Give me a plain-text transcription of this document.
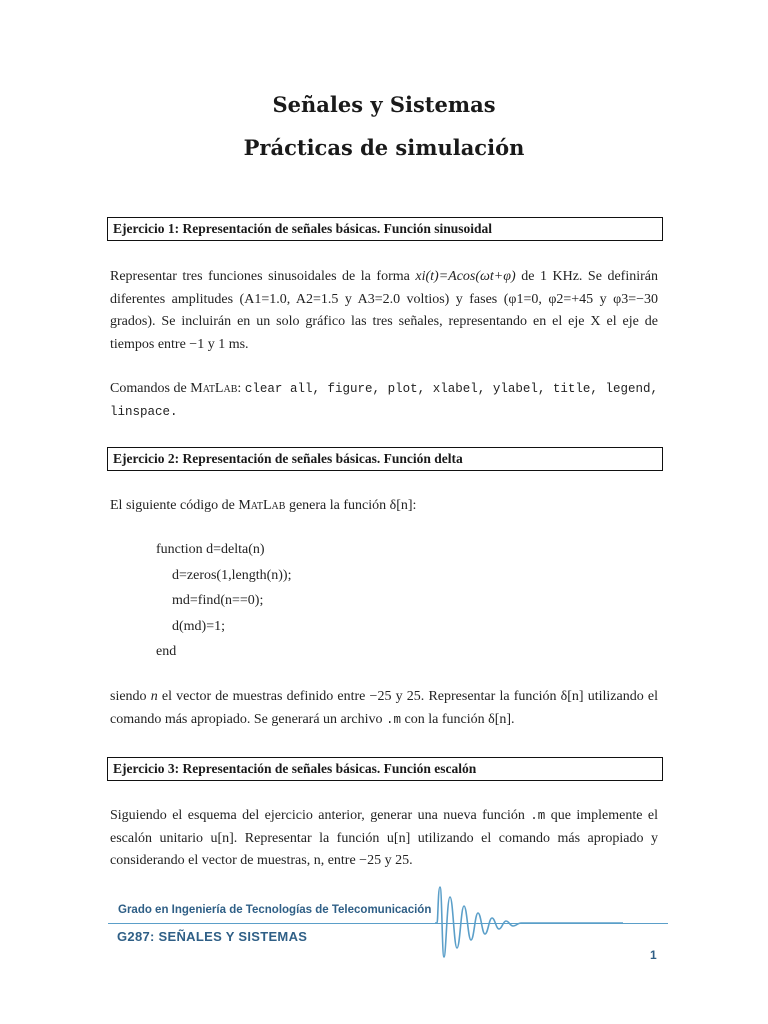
Señales y Sistemas
Prácticas de simulación
Ejercicio 1: Representación de señales básicas. Función sinusoidal
Representar tres funciones sinusoidales de la forma xi(t)=Acos(ωt+φ) de 1 KHz. Se definirán diferentes amplitudes (A1=1.0, A2=1.5 y A3=2.0 voltios) y fases (φ1=0, φ2=+45 y φ3=−30 grados). Se incluirán en un solo gráfico las tres señales, representando en el eje X el eje de tiempos entre −1 y 1 ms.
Comandos de MatLab: clear all, figure, plot, xlabel, ylabel, title, legend, linspace.
Ejercicio 2: Representación de señales básicas. Función delta
El siguiente código de MatLab genera la función δ[n]:
function d=delta(n)
d=zeros(1,length(n));
md=find(n==0);
d(md)=1;
end
siendo n el vector de muestras definido entre −25 y 25. Representar la función δ[n] utilizando el comando más apropiado. Se generará un archivo .m con la función δ[n].
Ejercicio 3: Representación de señales básicas. Función escalón
Siguiendo el esquema del ejercicio anterior, generar una nueva función .m que implemente el escalón unitario u[n]. Representar la función u[n] utilizando el comando más apropiado y considerando el vector de muestras, n, entre −25 y 25.
Grado en Ingeniería de Tecnologías de Telecomunicación
G287: SEÑALES Y SISTEMAS
1
